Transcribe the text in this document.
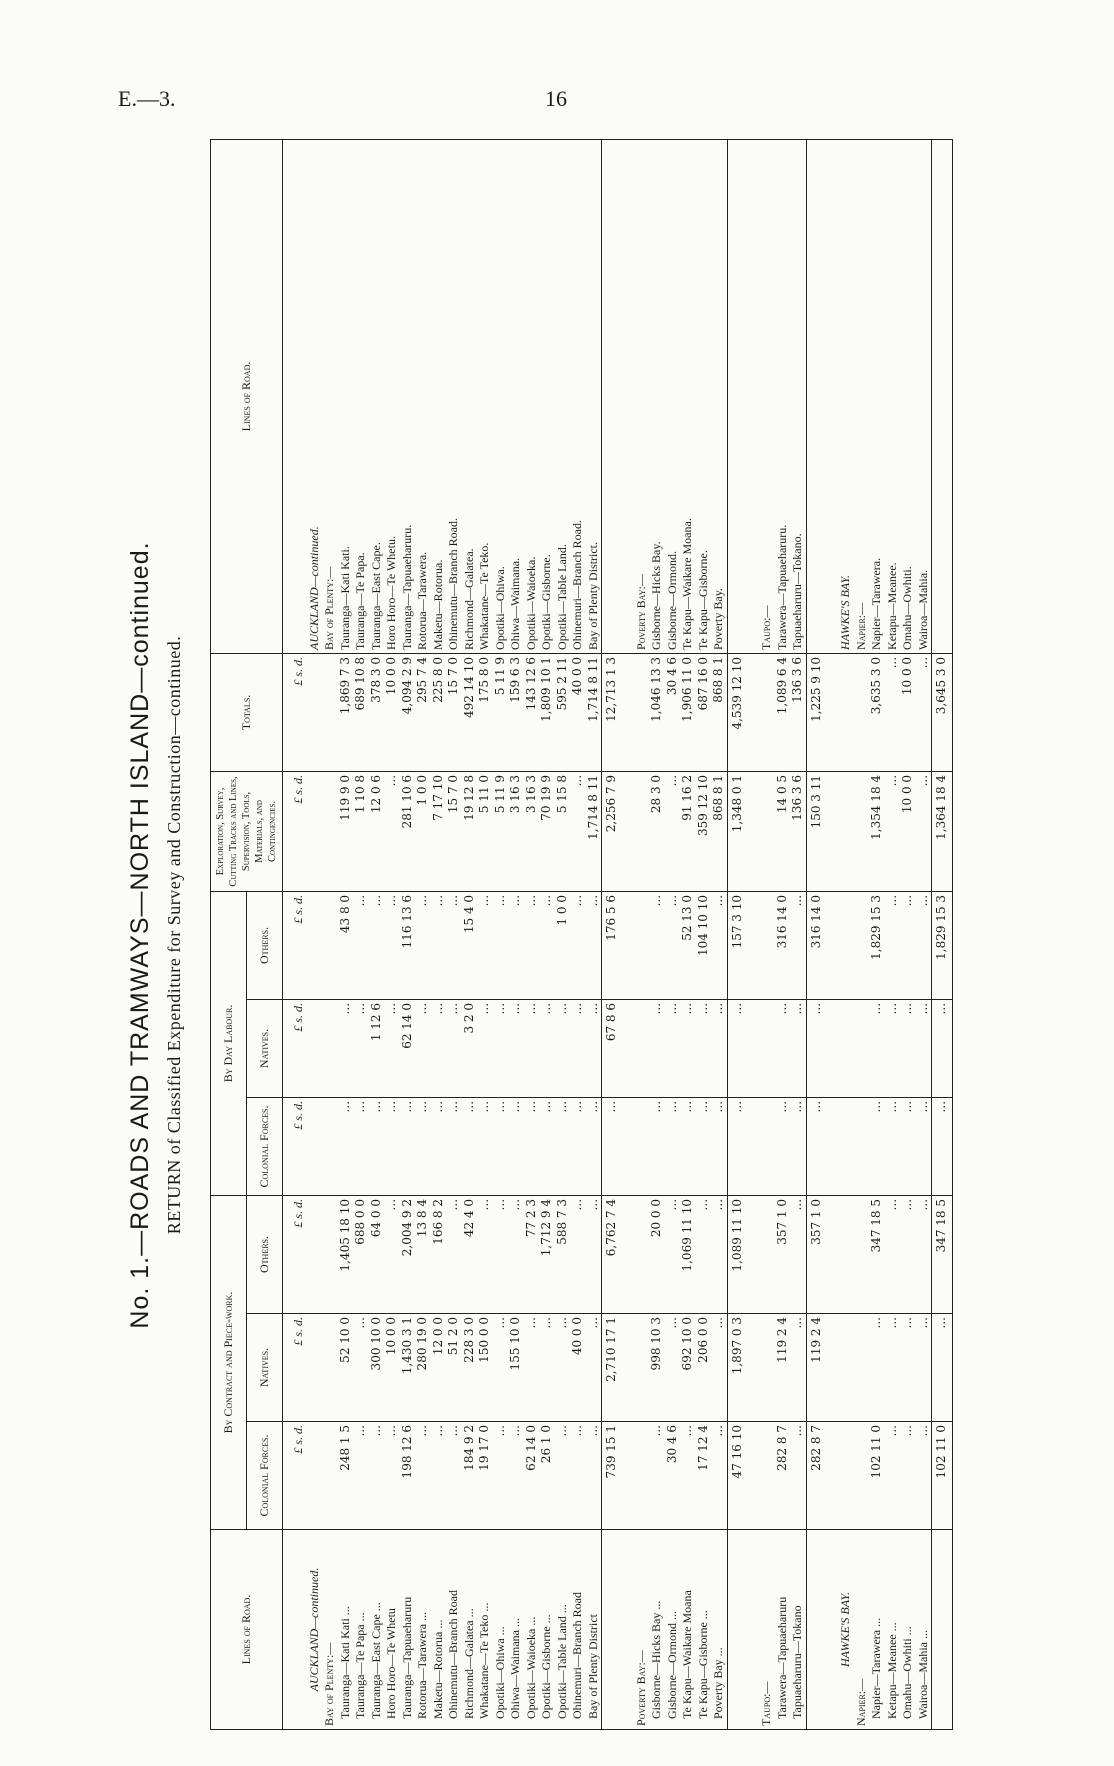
E.—3.	16
No. 1.—ROADS AND TRAMWAYS—NORTH ISLAND—continued. RETURN of Classified Expenditure for Survey and Construction—continued.
Lines of Road.	By Contract and Piece-work.			By Day Labour.			Exploration, Survey, Cutting Tracks and Lines, Supervision, Tools, Materials, and Contingencies.	Totals.	Lines of Road.
	Colonial Forces.	Natives.	Others.	Colonial Forces.	Natives.	Others.			
	£ s. d.	£ s. d.	£ s. d.	£ s. d.	£ s. d.	£ s. d.	£ s. d.	£ s. d.	
AUCKLAND—continued.									AUCKLAND—continued.
Bay of Plenty:—									Bay of Plenty:—
Tauranga—Kati Kati ...	248 1 5	52 10 0	1,405 18 10	...	...	43 8 0	119 9 0	1,869 7 3	Tauranga—Kati Kati.
Tauranga—Te Papa ...	...	...	688 0 0	...	...	...	1 10 8	689 10 8	Tauranga—Te Papa.
Tauranga—East Cape ...	...	300 10 0	64 0 0	...	1 12 6	...	12 0 6	378 3 0	Tauranga—East Cape.
Horo Horo—Te Whetu	...	10 0 0	...	...	...	...	...	10 0 0	Horo Horo—Te Whetu.
Tauranga—Tapuaeharuru	198 12 6	1,430 3 1	2,004 9 2	...	62 14 0	116 13 6	281 10 6	4,094 2 9	Tauranga—Tapuaeharuru.
Rotorua—Tarawera ...	...	280 19 0	13 8 4	...	...	...	1 0 0	295 7 4	Rotorua—Tarawera.
Maketu—Rotorua ...	...	12 0 0	166 8 2	...	...	...	7 17 10	225 8 0	Maketu—Rotorua.
Ohinemutu—Branch Road	...	51 2 0	...	...	...	...	15 7 0	15 7 0	Ohinemutu—Branch Road.
Richmond—Galatea ...	184 9 2	228 3 0	42 4 0	...	3 2 0	15 4 0	19 12 8	492 14 10	Richmond—Galatea.
Whakatane—Te Teko ...	19 17 0	150 0 0	...	...	...	...	5 11 0	175 8 0	Whakatane—Te Teko.
Opotiki—Ohiwa ...	...	...	...	...	...	...	5 11 9	5 11 9	Opotiki—Ohiwa.
Ohiwa—Waimana ...	...	155 10 0	...	...	...	...	3 16 3	159 6 3	Ohiwa—Waimana.
Opotiki—Waioeka ...	62 14 0	...	77 2 3	...	...	...	3 16 3	143 12 6	Opotiki—Waioeka.
Opotiki—Gisborne ...	26 1 0	...	1,712 9 4	...	...	...	70 19 9	1,809 10 1	Opotiki—Gisborne.
Opotiki—Table Land ...	...	...	588 7 3	...	...	1 0 0	5 15 8	595 2 11	Opotiki—Table Land.
Ohinemuri—Branch Road	...	40 0 0	...	...	...	...	...	40 0 0	Ohinemuri—Branch Road.
Bay of Plenty District	...	...	...	...	...	...	1,714 8 11	1,714 8 11	Bay of Plenty District.
	739 15 1	2,710 17 1	6,762 7 4	...	67 8 6	176 5 6	2,256 7 9	12,713 1 3	

Poverty Bay:—									Poverty Bay:—
Gisborne—Hicks Bay ...	...	998 10 3	20 0 0	...	...	...	28 3 0	1,046 13 3	Gisborne—Hicks Bay.
Gisborne—Ormond ...	30 4 6	...	...	...	...	...	...	30 4 6	Gisborne—Ormond.
Te Kapu—Waikare Moana	...	692 10 0	1,069 11 10	...	...	52 13 0	91 16 2	1,906 11 0	Te Kapu—Waikare Moana.
Te Kapu—Gisborne ...	17 12 4	206 0 0	...	...	...	104 10 10	359 12 10	687 16 0	Te Kapu—Gisborne.
Poverty Bay ...	...	...	...	...	...	...	868 8 1	868 8 1	Poverty Bay.
	47 16 10	1,897 0 3	1,089 11 10	...	...	157 3 10	1,348 0 1	4,539 12 10	

Taupo:—									Taupo:—
Tarawera—Tapuaeharuru	282 8 7	119 2 4	357 1 0	...	...	316 14 0	14 0 5	1,089 6 4	Tarawera—Tapuaeharuru.
Tapuaeharuru—Tokano	...	...	...	...	...	...	136 3 6	136 3 6	Tapuaeharuru—Tokano.
	282 8 7	119 2 4	357 1 0	...	...	316 14 0	150 3 11	1,225 9 10	

HAWKE'S BAY.									HAWKE'S BAY.
Napier:—									Napier:—
Napier—Tarawera ...	102 11 0	...	347 18 5	...	...	1,829 15 3	1,354 18 4	3,635 3 0	Napier—Tarawera.
Ketapu—Meanee ...	...	...	...	...	...	...	...	...	Ketapu—Meanee.
Omahu—Owhiti ...	...	...	...	...	...	...	10 0 0	10 0 0	Omahu—Owhiti.
Wairoa—Mahia ...	...	...	...	...	...	...	...	...	Wairoa—Mahia.
	102 11 0	...	347 18 5	...	...	1,829 15 3	1,364 18 4	3,645 3 0	
